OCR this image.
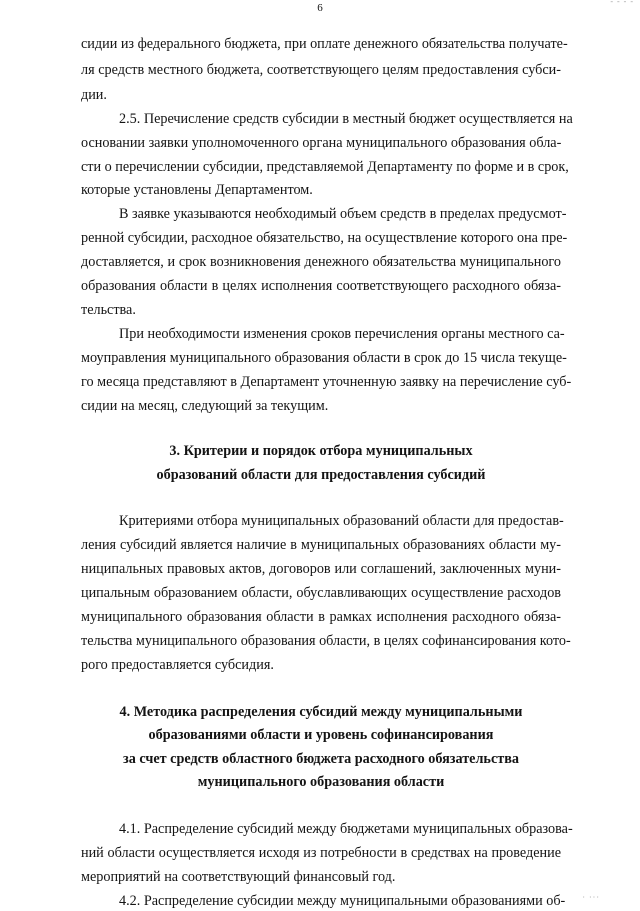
- - - -
6
сидии из федерального бюджета, при оплате денежного обязательства получате-
ля средств местного бюджета, соответствующего целям предоставления субси-
дии.
2.5. Перечисление средств субсидии в местный бюджет осуществляется на
основании заявки уполномоченного органа муниципального образования обла-
сти о перечислении субсидии, представляемой Департаменту по форме и в срок,
которые установлены Департаментом.
В заявке указываются необходимый объем средств в пределах предусмот-
ренной субсидии, расходное обязательство, на осуществление которого она пре-
доставляется, и срок возникновения денежного обязательства муниципального
образования области в целях исполнения соответствующего расходного обяза-
тельства.
При необходимости изменения сроков перечисления органы местного са-
моуправления муниципального образования области в срок до 15 числа текуще-
го месяца представляют в Департамент уточненную заявку на перечисление суб-
сидии на месяц, следующий за текущим.
3. Критерии и порядок отбора муниципальных
образований области для предоставления субсидий
Критериями отбора муниципальных образований области для предостав-
ления субсидий является наличие в муниципальных образованиях области му-
ниципальных правовых актов, договоров или соглашений, заключенных муни-
ципальным образованием области, обуславливающих осуществление расходов
муниципального образования области в рамках исполнения расходного обяза-
тельства муниципального образования области, в целях софинансирования кото-
рого предоставляется субсидия.
4. Методика распределения субсидий между муниципальными
образованиями области и уровень софинансирования
за счет средств областного бюджета расходного обязательства
муниципального образования области
4.1. Распределение субсидий между бюджетами муниципальных образова-
ний области осуществляется исходя из потребности в средствах на проведение
мероприятий на соответствующий финансовый год.
4.2. Распределение субсидии между муниципальными образованиями об- · ···
